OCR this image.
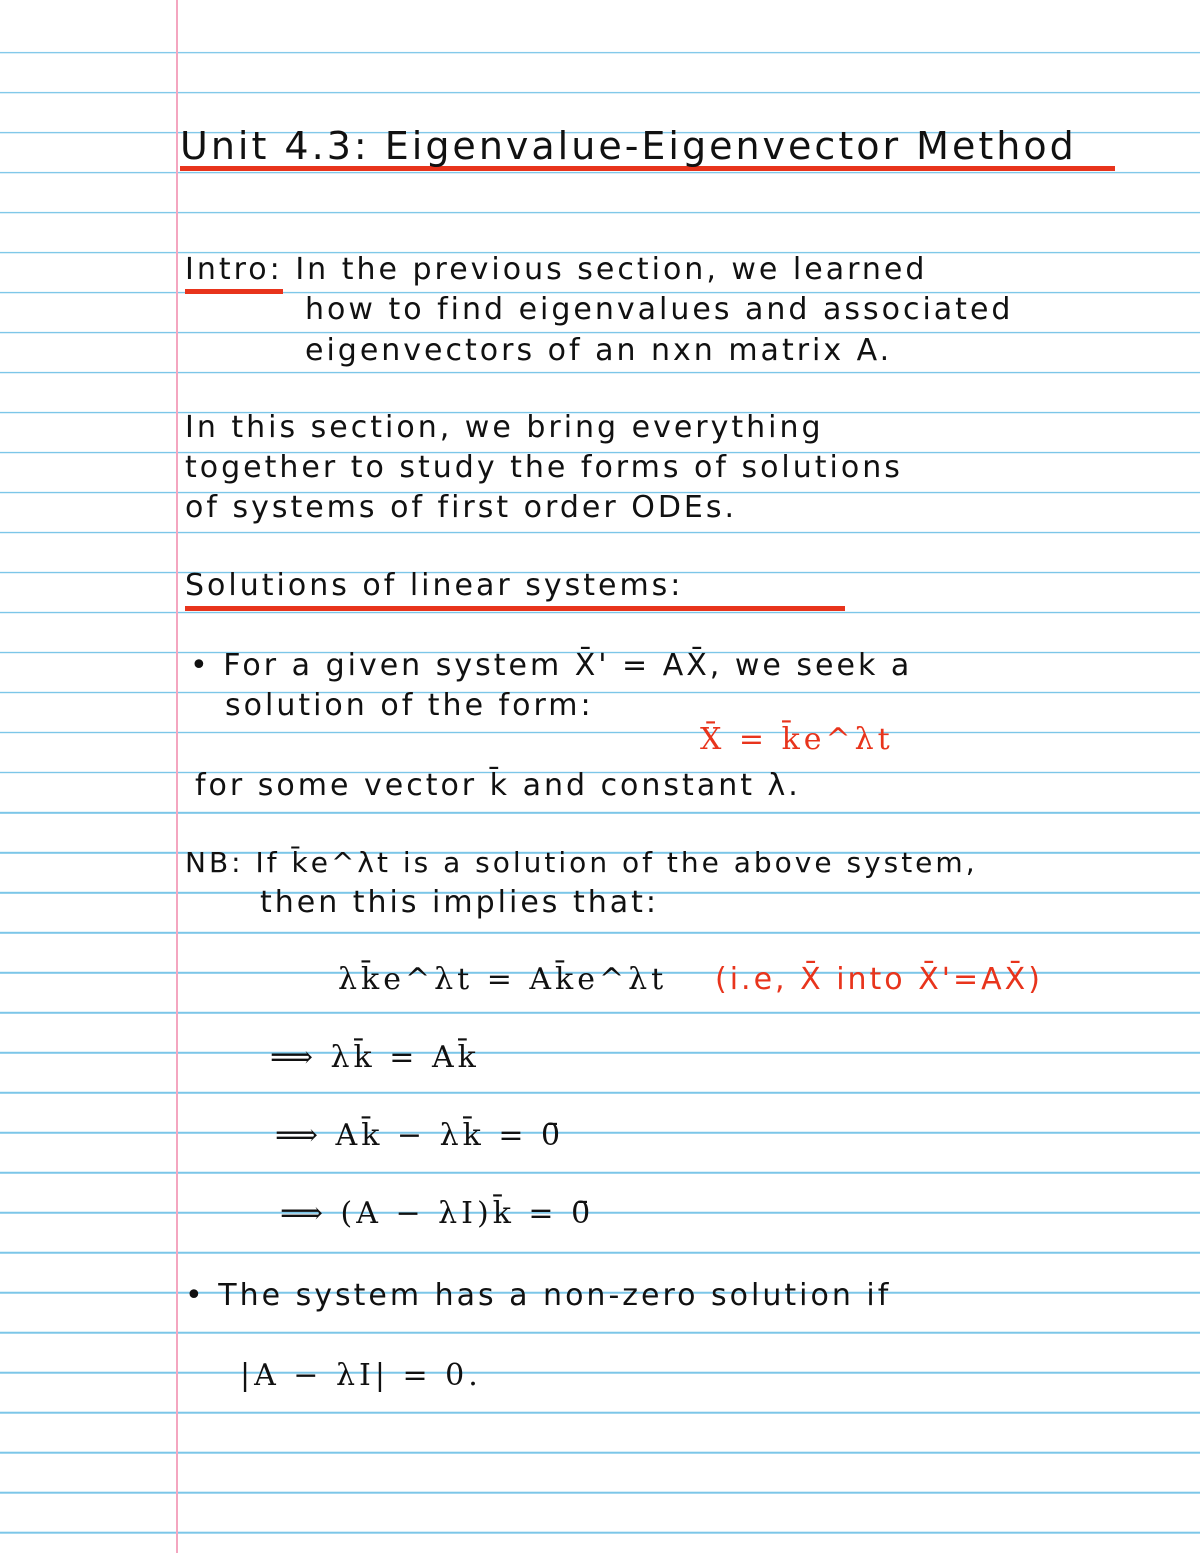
Unit 4.3: Eigenvalue-Eigenvector Method
Intro: In the previous section, we learned
how to find eigenvalues and associated
eigenvectors of an nxn matrix A.
In this section, we bring everything
together to study the forms of solutions
of systems of first order ODEs.
Solutions of linear systems:
• For a given system X̄' = AX̄, we seek a
solution of the form:
X̄ = k̄e^λt
for some vector k̄ and constant λ.
NB: If k̄e^λt is a solution of the above system,
then this implies that:
λk̄e^λt = Ak̄e^λt (i.e, X̄ into X̄'=AX̄)
⟹ λk̄ = Ak̄
⟹ Ak̄ − λk̄ = 0̄
⟹ (A − λI)k̄ = 0̄
• The system has a non-zero solution if
|A − λI| = 0.
